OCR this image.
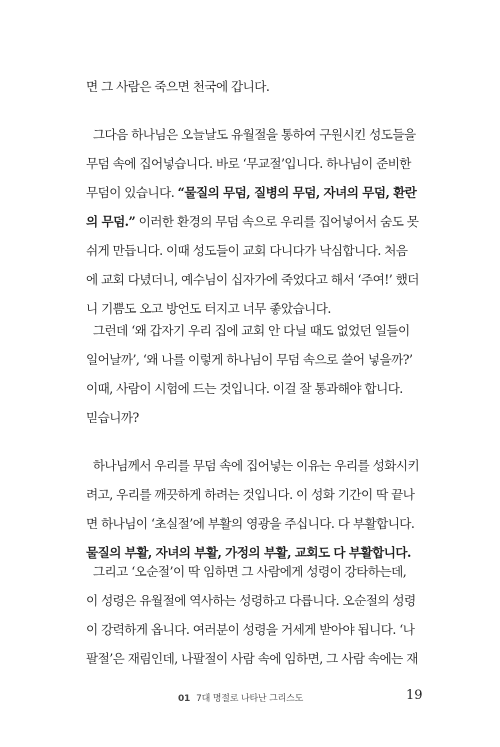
면 그 사람은 죽으면 천국에 갑니다.
그다음 하나님은 오늘날도 유월절을 통하여 구원시킨 성도들을
무덤 속에 집어넣습니다. 바로 ‘무교절’입니다. 하나님이 준비한
무덤이 있습니다. “물질의 무덤, 질병의 무덤, 자녀의 무덤, 환란
의 무덤.” 이러한 환경의 무덤 속으로 우리를 집어넣어서 숨도 못
쉬게 만듭니다. 이때 성도들이 교회 다니다가 낙심합니다. 처음
에 교회 다녔더니, 예수님이 십자가에 죽었다고 해서 ‘주여!’ 했더
니 기쁨도 오고 방언도 터지고 너무 좋았습니다.
그런데 ‘왜 갑자기 우리 집에 교회 안 다닐 때도 없었던 일들이
일어날까’, ‘왜 나를 이렇게 하나님이 무덤 속으로 쓸어 넣을까?’
이때, 사람이 시험에 드는 것입니다. 이걸 잘 통과해야 합니다.
믿습니까?
하나님께서 우리를 무덤 속에 집어넣는 이유는 우리를 성화시키
려고, 우리를 깨끗하게 하려는 것입니다. 이 성화 기간이 딱 끝나
면 하나님이 ‘초실절’에 부활의 영광을 주십니다. 다 부활합니다.
물질의 부활, 자녀의 부활, 가정의 부활, 교회도 다 부활합니다.
그리고 ‘오순절’이 딱 임하면 그 사람에게 성령이 강타하는데,
이 성령은 유월절에 역사하는 성령하고 다릅니다. 오순절의 성령
이 강력하게 옵니다. 여러분이 성령을 거세게 받아야 됩니다. ‘나
팔절’은 재림인데, 나팔절이 사람 속에 임하면, 그 사람 속에는 재
01 7대 명절로 나타난 그리스도	19
